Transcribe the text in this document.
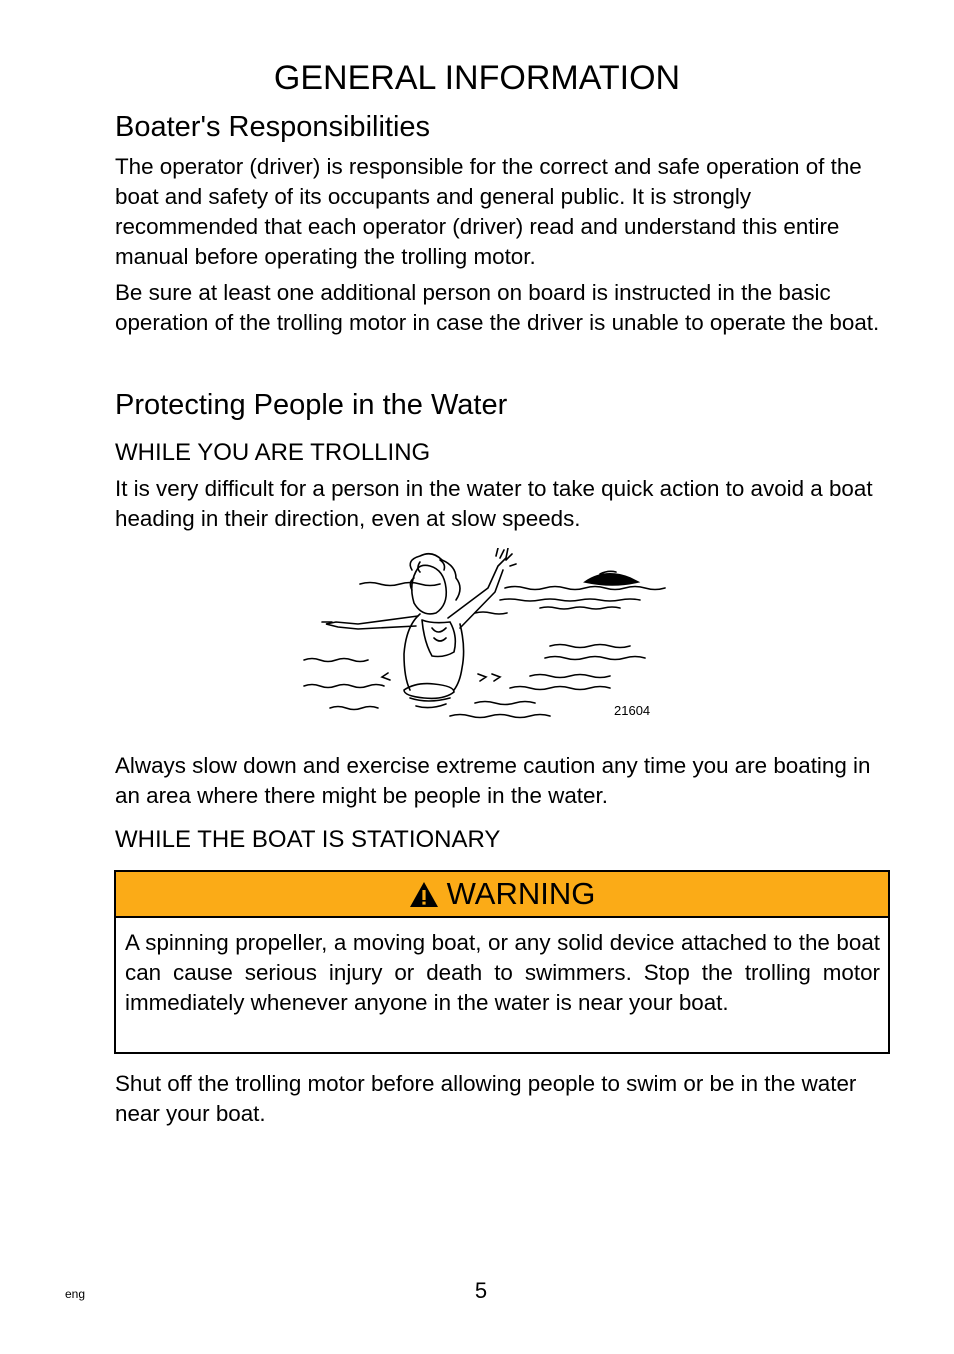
GENERAL INFORMATION
Boater's Responsibilities
The operator (driver) is responsible for the correct and safe operation of the boat and safety of its occupants and general public. It is strongly recommended that each operator (driver) read and understand this entire manual before operating the trolling motor.
Be sure at least one additional person on board is instructed in the basic operation of the trolling motor in case the driver is unable to operate the boat.
Protecting People in the Water
WHILE YOU ARE TROLLING
It is very difficult for a person in the water to take quick action to avoid a boat heading in their direction, even at slow speeds.
21604
Always slow down and exercise extreme caution any time you are boating in an area where there might be people in the water.
WHILE THE BOAT IS STATIONARY
WARNING
A spinning propeller, a moving boat, or any solid device attached to the boat can cause serious injury or death to swimmers. Stop the trolling motor immediately whenever anyone in the water is near your boat.
Shut off the trolling motor before allowing people to swim or be in the water near your boat.
eng	5
